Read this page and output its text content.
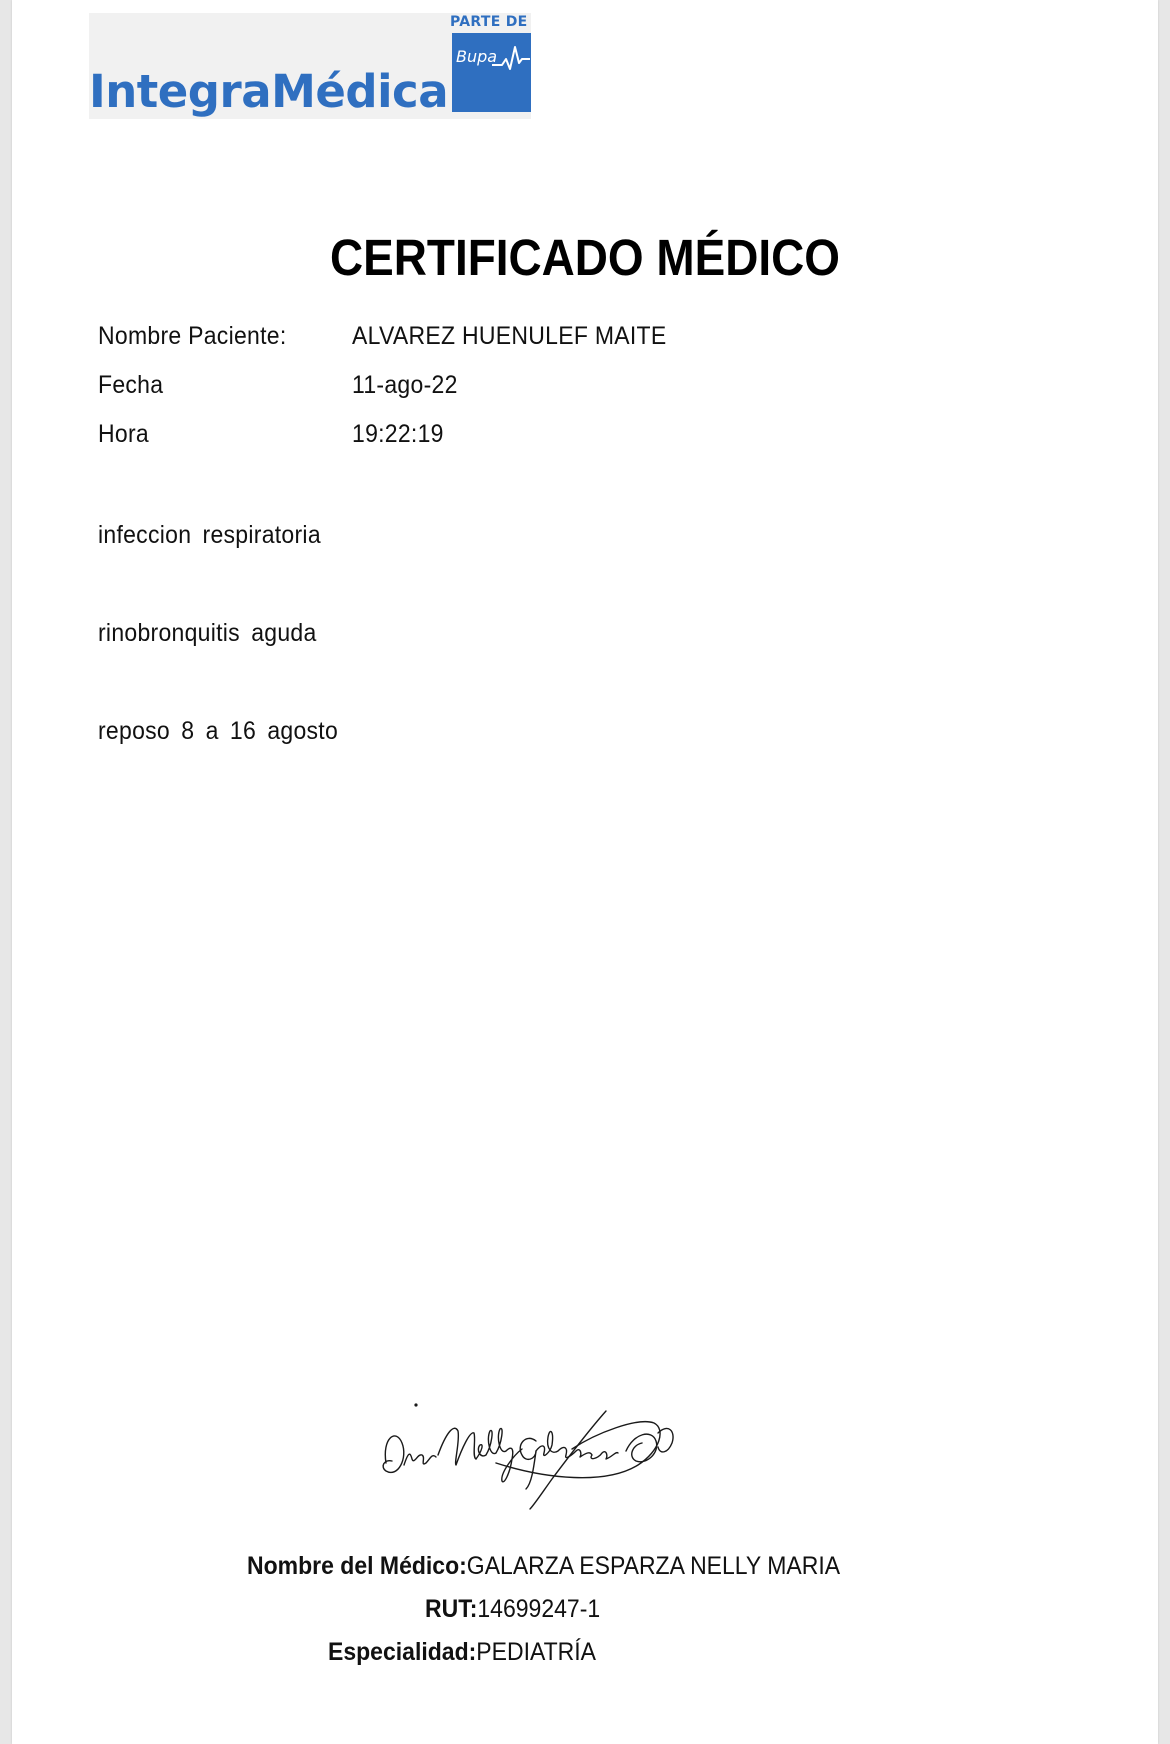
IntegraMédica
PARTE DE
Bupa
CERTIFICADO MÉDICO
Nombre Paciente:	ALVAREZ HUENULEF MAITE
Fecha	11-ago-22
Hora	19:22:19
infeccion respiratoria
rinobronquitis aguda
reposo 8 a 16 agosto
Nombre del Médico:GALARZA ESPARZA NELLY MARIA
RUT:14699247-1
Especialidad:PEDIATRÍA
